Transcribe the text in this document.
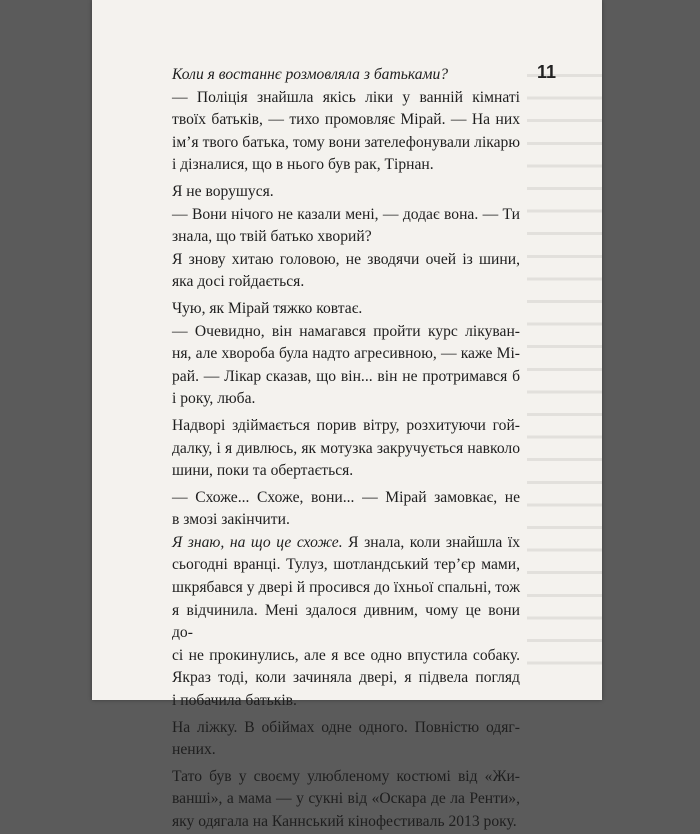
11
Коли я востаннє розмовляла з батьками?
— Поліція знайшла якісь ліки у ванній кімнаті
твоїх батьків, — тихо промовляє Мірай. — На них
ім’я твого батька, тому вони зателефонували лікарю
і дізналися, що в нього був рак, Тірнан.
Я не ворушуся.
— Вони нічого не казали мені, — додає вона. — Ти
знала, що твій батько хворий?
Я знову хитаю головою, не зводячи очей із шини,
яка досі гойдається.
Чую, як Мірай тяжко ковтає.
— Очевидно, він намагався пройти курс лікуван-
ня, але хвороба була надто агресивною, — каже Мі-
рай. — Лікар сказав, що він... він не протримався б
і року, люба.
Надворі здіймається порив вітру, розхитуючи гой-
далку, і я дивлюсь, як мотузка закручується навколо
шини, поки та обертається.
— Схоже... Схоже, вони... — Мірай замовкає, не
в змозі закінчити.
Я знаю, на що це схоже. Я знала, коли знайшла їх
сьогодні вранці. Тулуз, шотландський тер’єр мами,
шкрябався у двері й просився до їхньої спальні, тож
я відчинила. Мені здалося дивним, чому це вони до-
сі не прокинулись, але я все одно впустила собаку.
Якраз тоді, коли зачиняла двері, я підвела погляд
і побачила батьків.
На ліжку. В обіймах одне одного. Повністю одяг-
нених.
Тато був у своєму улюбленому костюмі від «Жи-
ванші», а мама — у сукні від «Оскара де ла Ренти»,
яку одягала на Каннський кінофестиваль 2013 року.
